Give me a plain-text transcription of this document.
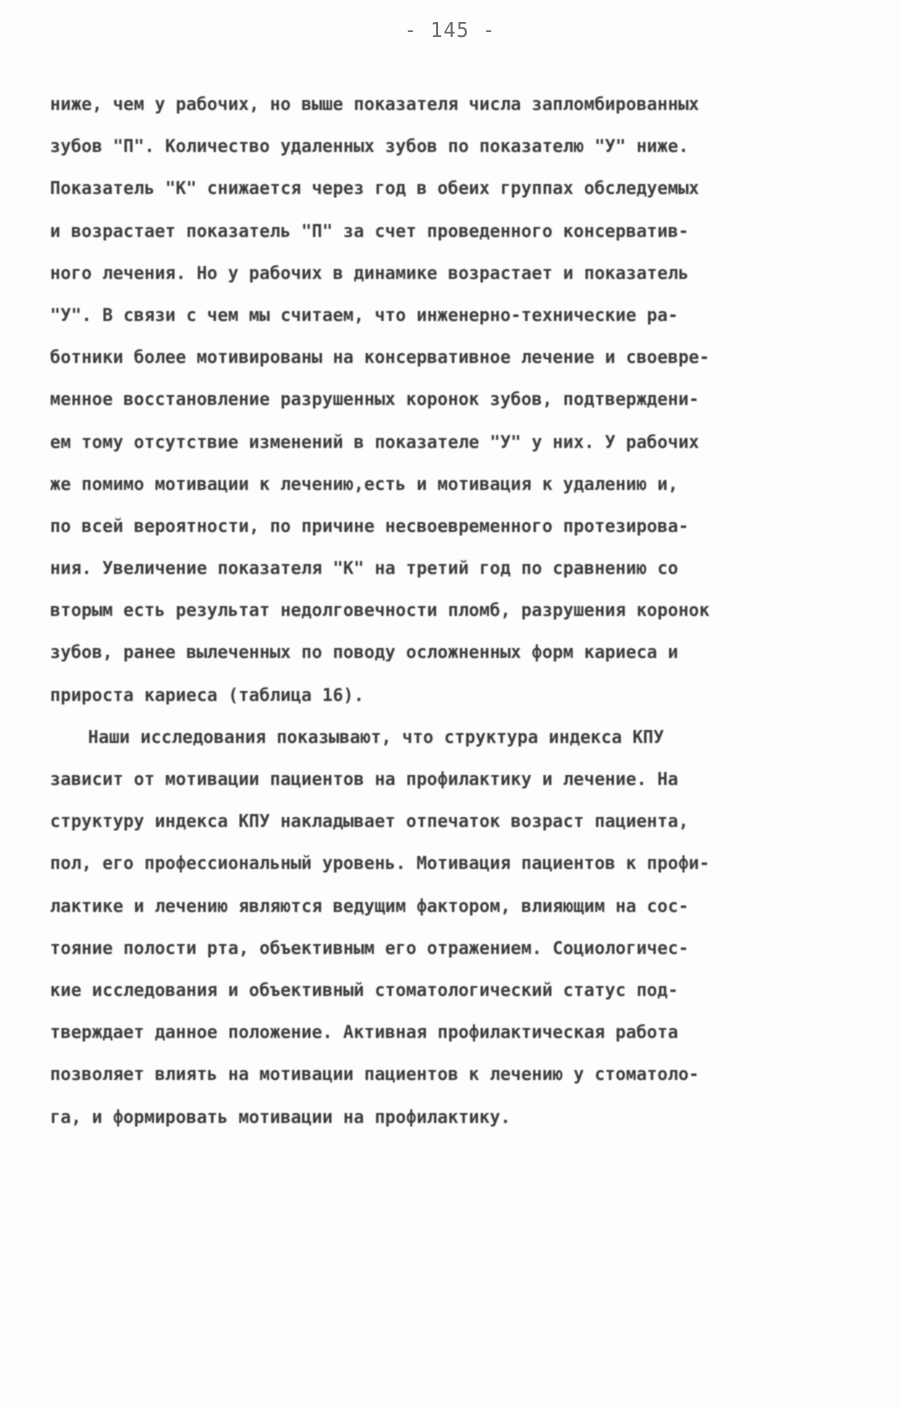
- 145 -
ниже, чем у рабочих, но выше показателя числа запломбированных
зубов "П". Количество удаленных зубов по показателю "У" ниже.
Показатель "К" снижается через год в обеих группах обследуемых
и возрастает показатель "П" за счет проведенного консерватив-
ного лечения. Но у рабочих в динамике возрастает и показатель
"У". В связи с чем мы считаем, что инженерно-технические ра-
ботники более мотивированы на консервативное лечение и своевре-
менное восстановление разрушенных коронок зубов, подтверждени-
ем тому отсутствие изменений в показателе "У" у них. У рабочих
же помимо мотивации к лечению,есть и мотивация к удалению и,
по всей вероятности, по причине несвоевременного протезирова-
ния. Увеличение показателя "К" на третий год по сравнению со
вторым есть результат недолговечности пломб, разрушения коронок
зубов, ранее вылеченных по поводу осложненных форм кариеса и
прироста кариеса (таблица 16).
Наши исследования показывают, что структура индекса КПУ
зависит от мотивации пациентов на профилактику и лечение. На
структуру индекса КПУ накладывает отпечаток возраст пациента,
пол, его профессиональный уровень. Мотивация пациентов к профи-
лактике и лечению являются ведущим фактором, влияющим на сос-
тояние полости рта, объективным его отражением. Социологичес-
кие исследования и объективный стоматологический статус под-
тверждает данное положение. Активная профилактическая работа
позволяет влиять на мотивации пациентов к лечению у стоматоло-
га, и формировать мотивации на профилактику.
